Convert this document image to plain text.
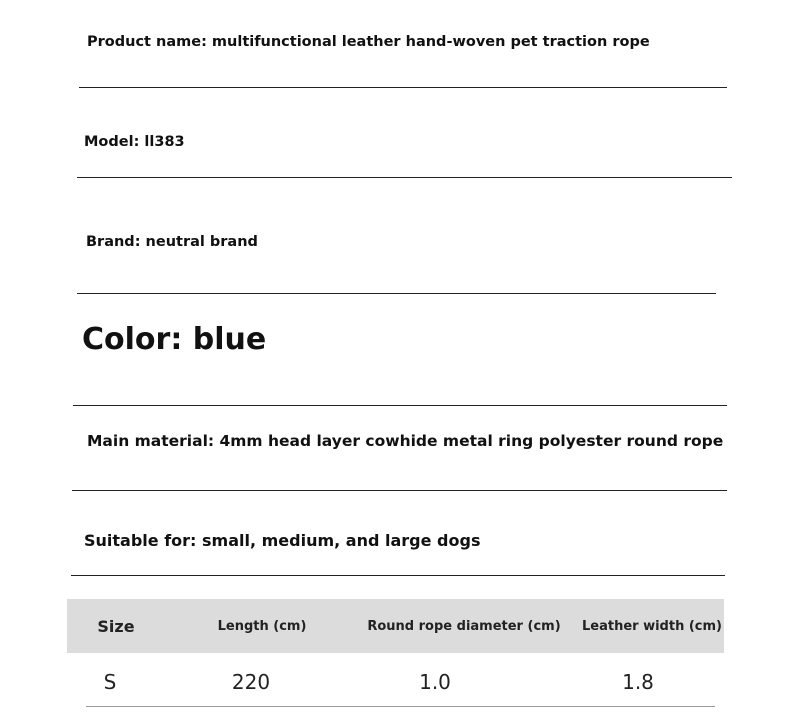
Product name: multifunctional leather hand-woven pet traction rope
Model: ll383
Brand: neutral brand
Color: blue
Main material: 4mm head layer cowhide metal ring polyester round rope
Suitable for: small, medium, and large dogs
Size	Length (cm)	Round rope diameter (cm)	Leather width (cm)
S	220	1.0	1.8
